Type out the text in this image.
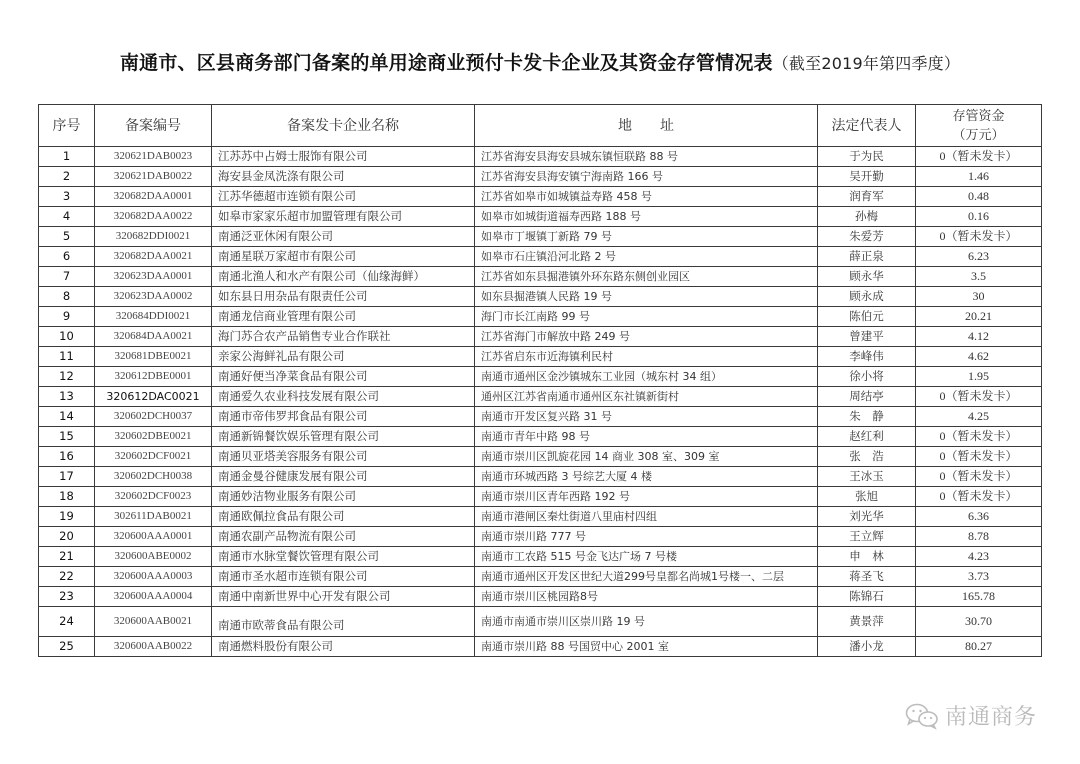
南通市、区县商务部门备案的单用途商业预付卡发卡企业及其资金存管情况表（截至2019年第四季度）
序号	备案编号	备案发卡企业名称	地　　址	法定代表人	存管资金
（万元）

1	320621DAB0023	江苏苏中占姆士服饰有限公司	江苏省海安县海安县城东镇恒联路 88 号	于为民	0（暂未发卡）
2	320621DAB0022	海安县金凤洗涤有限公司	江苏省海安县海安镇宁海南路 166 号	吴开勤	1.46
3	320682DAA0001	江苏华德超市连锁有限公司	江苏省如皋市如城镇益寿路 458 号	润育军	0.48
4	320682DAA0022	如皋市家家乐超市加盟管理有限公司	如皋市如城街道福寿西路 188 号	孙梅	0.16
5	320682DDI0021	南通泛亚休闲有限公司	如皋市丁堰镇丁新路 79 号	朱爱芳	0（暂未发卡）
6	320682DAA0021	南通星联万家超市有限公司	如皋市石庄镇沿河北路 2 号	薛正泉	6.23
7	320623DAA0001	南通北渔人和水产有限公司（仙缘海鲜）	江苏省如东县掘港镇外环东路东侧创业园区	顾永华	3.5
8	320623DAA0002	如东县日用杂品有限责任公司	如东县掘港镇人民路 19 号	顾永成	30
9	320684DDI0021	南通龙信商业管理有限公司	海门市长江南路 99 号	陈伯元	20.21
10	320684DAA0021	海门苏合农产品销售专业合作联社	江苏省海门市解放中路 249 号	曾建平	4.12
11	320681DBE0021	亲家公海鲜礼品有限公司	江苏省启东市近海镇利民村	李峰伟	4.62
12	320612DBE0001	南通好便当净菜食品有限公司	南通市通州区金沙镇城东工业园（城东村 34 组）	徐小将	1.95
13	320612DAC0021	南通爱久农业科技发展有限公司	通州区江苏省南通市通州区东社镇新街村	周结亭	0（暂未发卡）
14	320602DCH0037	南通市帝伟罗邦食品有限公司	南通市开发区复兴路 31 号	朱　静	4.25
15	320602DBE0021	南通新锦餐饮娱乐管理有限公司	南通市青年中路 98 号	赵红利	0（暂未发卡）
16	320602DCF0021	南通贝亚塔美容服务有限公司	南通市崇川区凯旋花园 14 商业 308 室、309 室	张　浩	0（暂未发卡）
17	320602DCH0038	南通金曼谷健康发展有限公司	南通市环城西路 3 号综艺大厦 4 楼	王冰玉	0（暂未发卡）
18	320602DCF0023	南通妙洁物业服务有限公司	南通市崇川区青年西路 192 号	张旭	0（暂未发卡）
19	302611DAB0021	南通欧佩拉食品有限公司	南通市港闸区秦灶街道八里庙村四组	刘光华	6.36
20	320600AAA0001	南通农副产品物流有限公司	南通市崇川路 777 号	王立辉	8.78
21	320600ABE0002	南通市水脉堂餐饮管理有限公司	南通市工农路 515 号金飞达广场 7 号楼	申　林	4.23
22	320600AAA0003	南通市圣水超市连锁有限公司	南通市通州区开发区世纪大道299号皇都名尚城1号楼一、二层	蒋圣飞	3.73
23	320600AAA0004	南通中南新世界中心开发有限公司	南通市崇川区桃园路8号	陈锦石	165.78
24	320600AAB0021	南通市欧蒂食品有限公司	南通市南通市崇川区崇川路 19 号	黄景萍	30.70
25	320600AAB0022	南通燃料股份有限公司	南通市崇川路 88 号国贸中心 2001 室	潘小龙	80.27
南通商务
